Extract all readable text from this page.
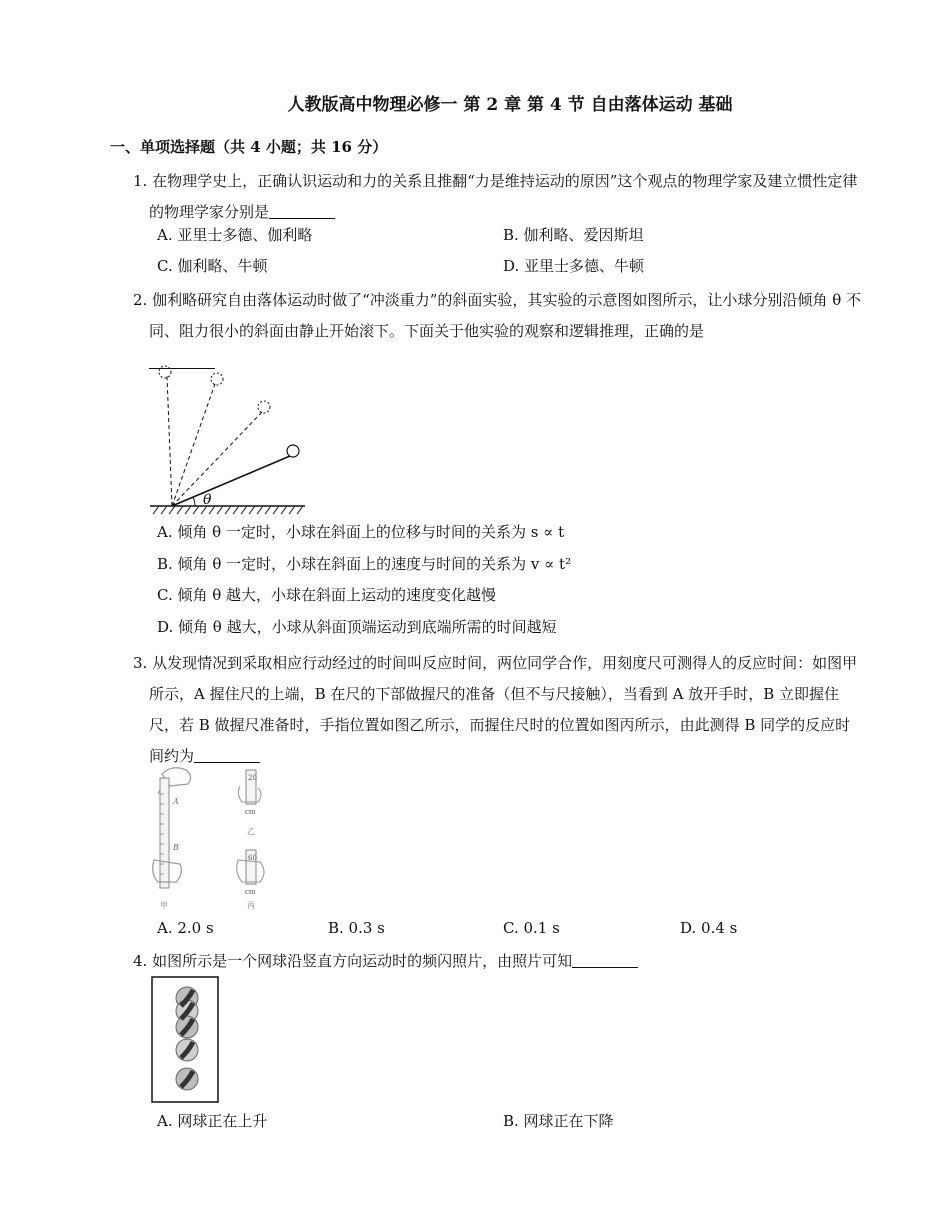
人教版高中物理必修一 第 2 章 第 4 节 自由落体运动 基础
一、单项选择题（共 4 小题；共 16 分）
1. 在物理学史上，正确认识运动和力的关系且推翻“力是维持运动的原因”这个观点的物理学家及建立惯性定律的物理学家分别是
A. 亚里士多德、伽利略	B. 伽利略、爱因斯坦
C. 伽利略、牛顿	D. 亚里士多德、牛顿
2. 伽利略研究自由落体运动时做了“冲淡重力”的斜面实验，其实验的示意图如图所示，让小球分别沿倾角 θ 不同、阻力很小的斜面由静止开始滚下。下面关于他实验的观察和逻辑推理，正确的是

θ
A. 倾角 θ 一定时，小球在斜面上的位移与时间的关系为 s ∝ t
B. 倾角 θ 一定时，小球在斜面上的速度与时间的关系为 v ∝ t²
C. 倾角 θ 越大，小球在斜面上运动的速度变化越慢
D. 倾角 θ 越大，小球从斜面顶端运动到底端所需的时间越短
3. 从发现情况到采取相应行动经过的时间叫反应时间，两位同学合作，用刻度尺可测得人的反应时间：如图甲所示，A 握住尺的上端，B 在尺的下部做握尺的准备（但不与尺接触），当看到 A 放开手时，B 立即握住尺，若 B 做握尺准备时，手指位置如图乙所示，而握住尺时的位置如图丙所示，由此测得 B 同学的反应时间约为
A
B
甲
20
cm
乙
60
cm
丙
A. 2.0 s	B. 0.3 s	C. 0.1 s	D. 0.4 s
4. 如图所示是一个网球沿竖直方向运动时的频闪照片，由照片可知
A. 网球正在上升	B. 网球正在下降
